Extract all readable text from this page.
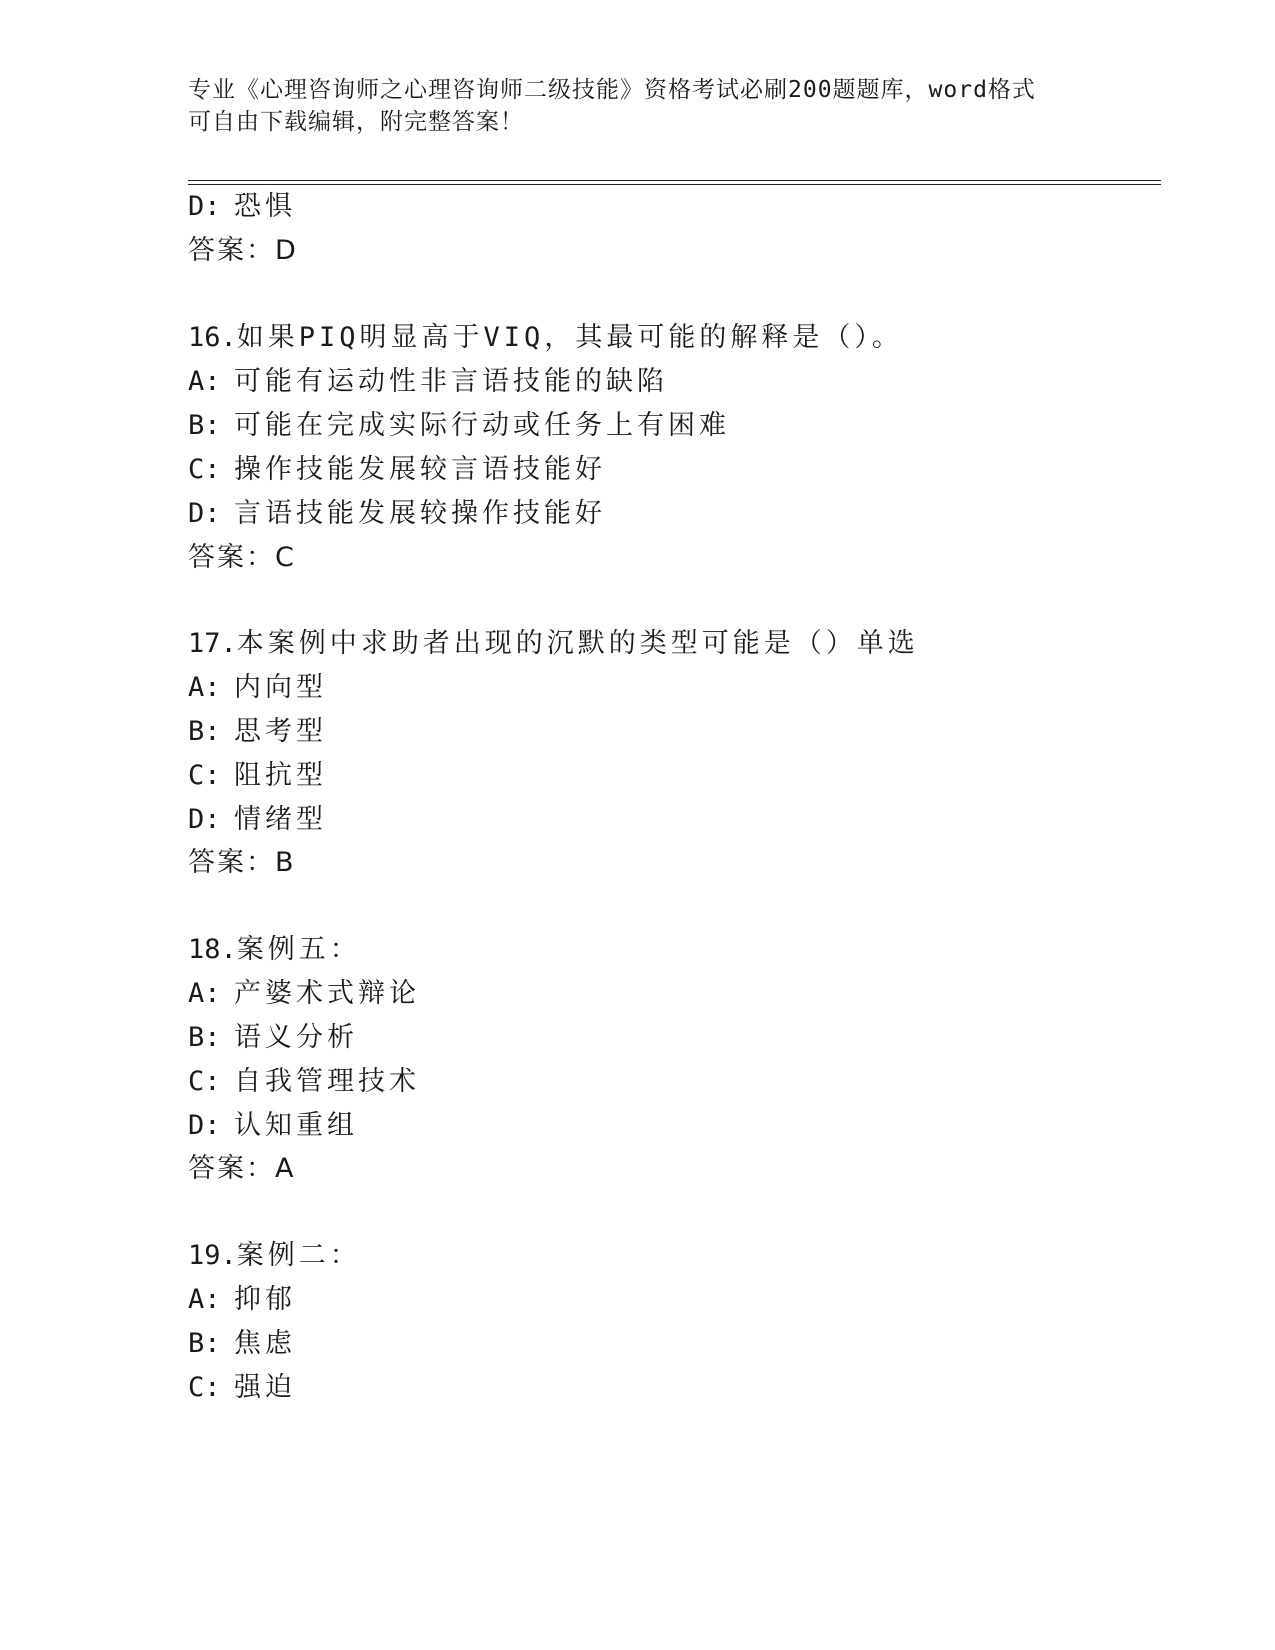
专业《心理咨询师之心理咨询师二级技能》资格考试必刷200题题库，word格式
可自由下载编辑，附完整答案！
D: 恐惧
答案：D
16.如果PIQ明显高于VIQ，其最可能的解释是（）。
A: 可能有运动性非言语技能的缺陷
B: 可能在完成实际行动或任务上有困难
C: 操作技能发展较言语技能好
D: 言语技能发展较操作技能好
答案：C
17.本案例中求助者出现的沉默的类型可能是（）单选
A: 内向型
B: 思考型
C: 阻抗型
D: 情绪型
答案：B
18.案例五：
A: 产婆术式辩论
B: 语义分析
C: 自我管理技术
D: 认知重组
答案：A
19.案例二：
A: 抑郁
B: 焦虑
C: 强迫
